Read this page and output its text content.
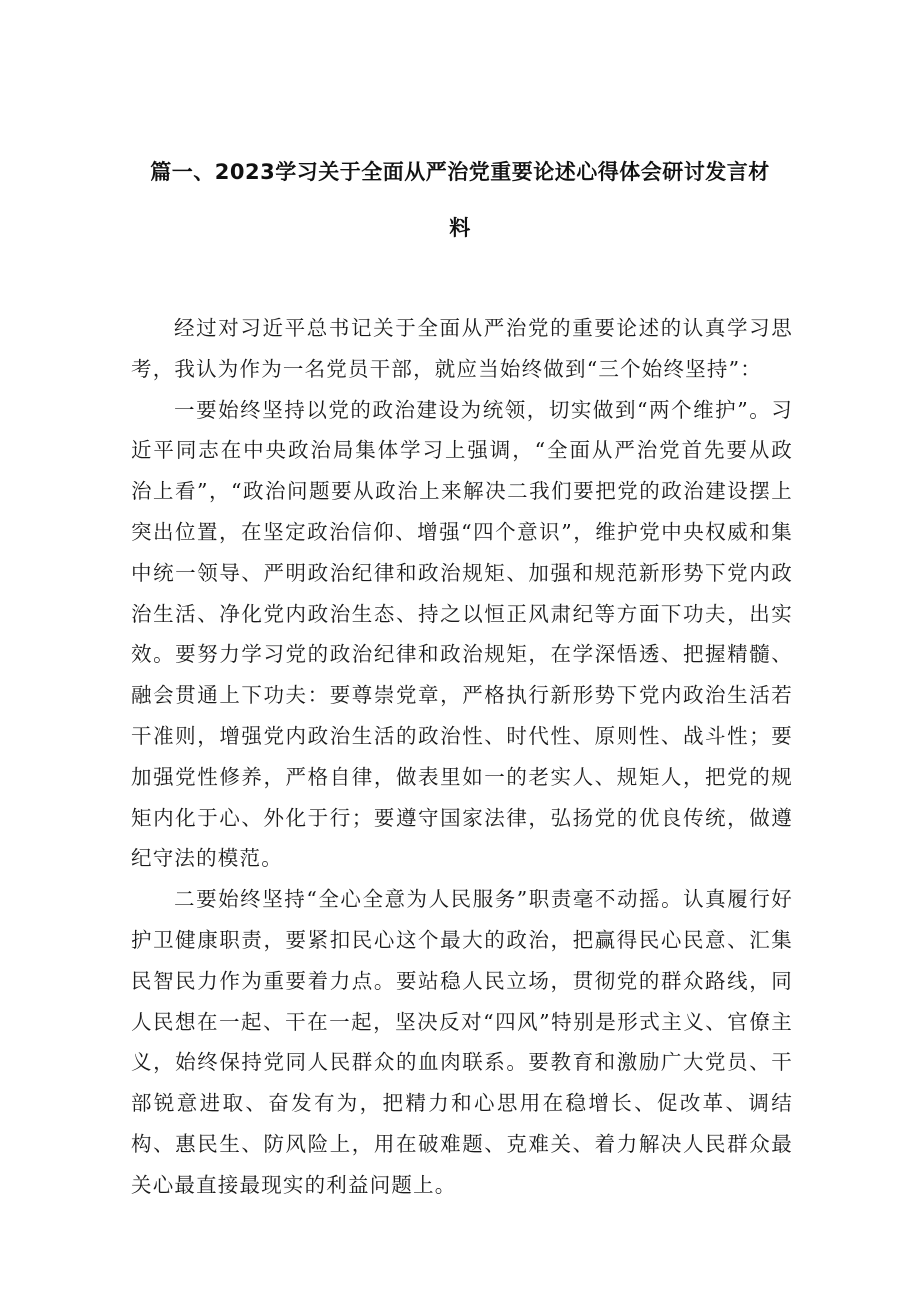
篇一、2023学习关于全面从严治党重要论述心得体会研讨发言材
料

经过对习近平总书记关于全面从严治党的重要论述的认真学习思考，我认为作为一名党员干部，就应当始终做到“三个始终坚持”：

一要始终坚持以党的政治建设为统领，切实做到“两个维护”。习近平同志在中央政治局集体学习上强调，“全面从严治党首先要从政治上看”，“政治问题要从政治上来解决二我们要把党的政治建设摆上突出位置，在坚定政治信仰、增强“四个意识”，维护党中央权威和集中统一领导、严明政治纪律和政治规矩、加强和规范新形势下党内政治生活、净化党内政治生态、持之以恒正风肃纪等方面下功夫，出实效。要努力学习党的政治纪律和政治规矩，在学深悟透、把握精髓、融会贯通上下功夫：要尊崇党章，严格执行新形势下党内政治生活若干准则，增强党内政治生活的政治性、时代性、原则性、战斗性；要加强党性修养，严格自律，做表里如一的老实人、规矩人，把党的规矩内化于心、外化于行；要遵守国家法律，弘扬党的优良传统，做遵纪守法的模范。

二要始终坚持“全心全意为人民服务”职责毫不动摇。认真履行好护卫健康职责，要紧扣民心这个最大的政治，把赢得民心民意、汇集民智民力作为重要着力点。要站稳人民立场，贯彻党的群众路线，同人民想在一起、干在一起，坚决反对“四风”特别是形式主义、官僚主义，始终保持党同人民群众的血肉联系。要教育和激励广大党员、干部锐意进取、奋发有为，把精力和心思用在稳增长、促改革、调结构、惠民生、防风险上，用在破难题、克难关、着力解决人民群众最关心最直接最现实的利益问题上。
